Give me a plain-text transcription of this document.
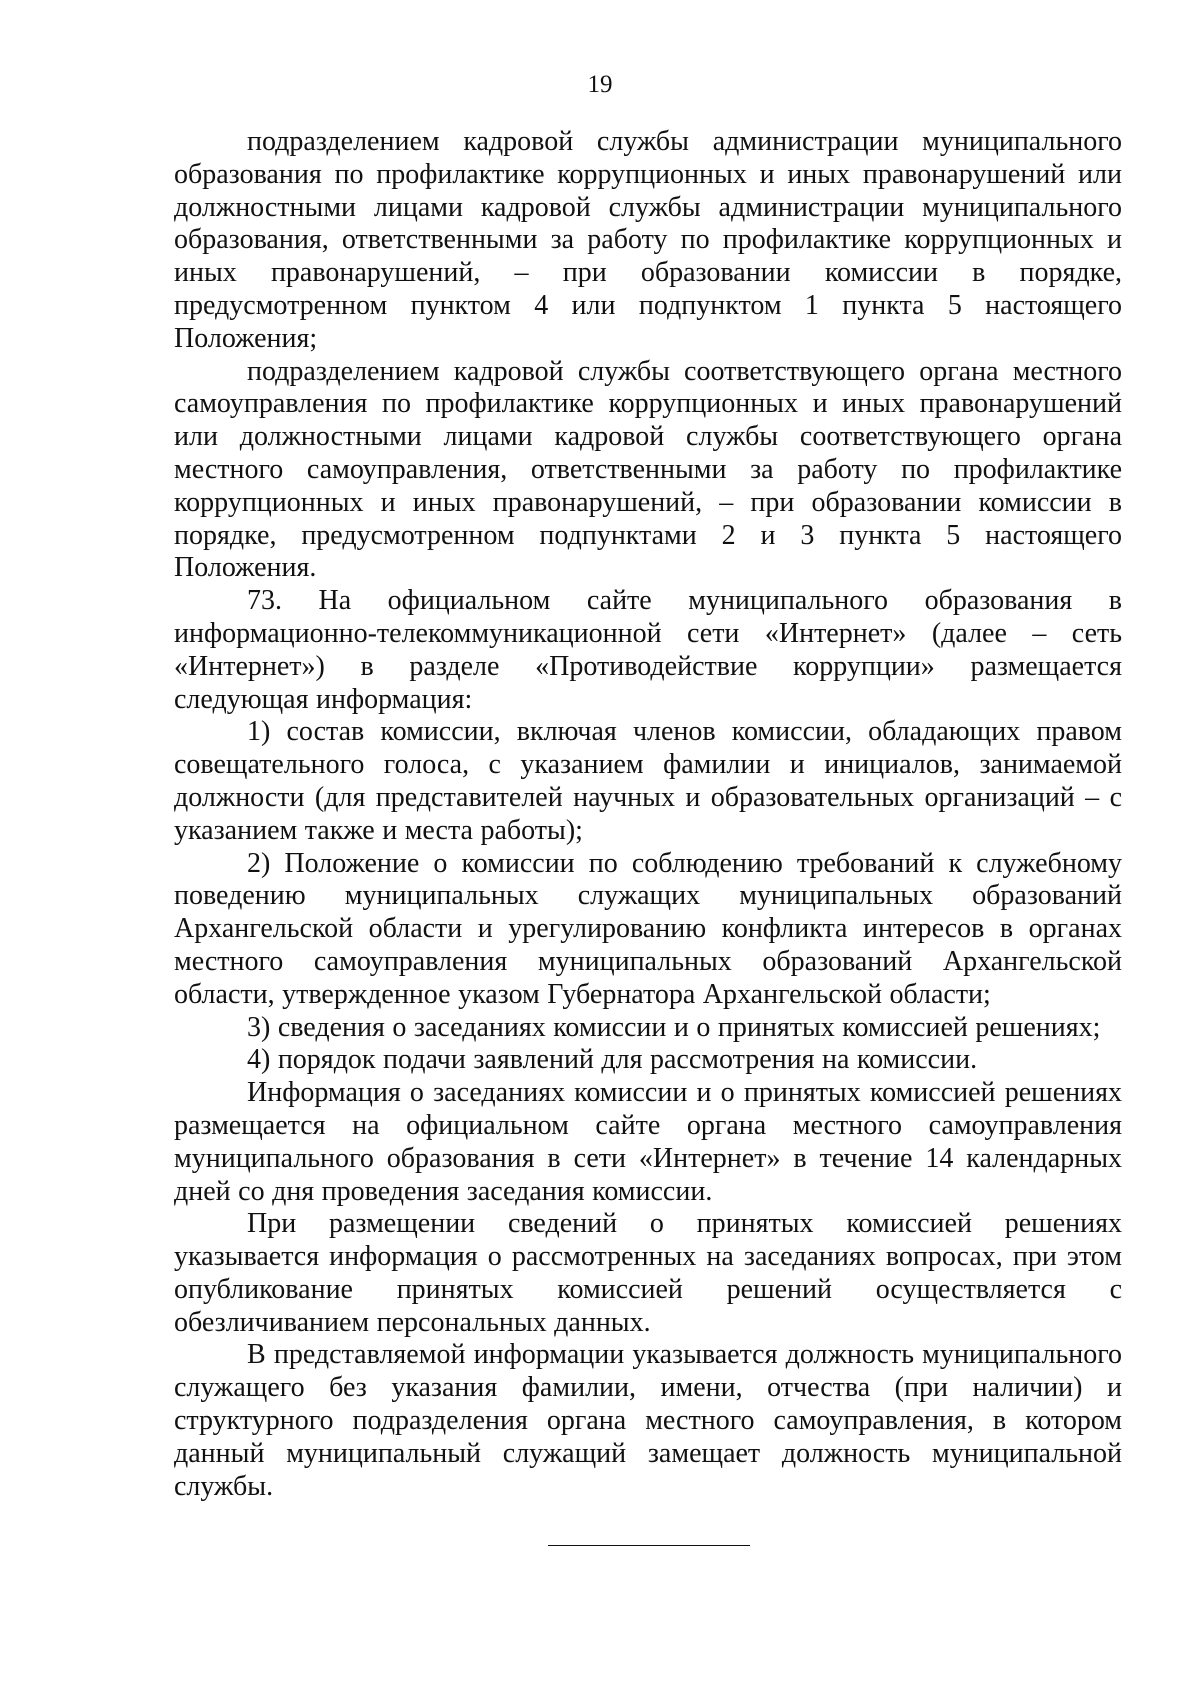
19

подразделением кадровой службы администрации муниципального образования по профилактике коррупционных и иных правонарушений или должностными лицами кадровой службы администрации муниципального образования, ответственными за работу по профилактике коррупционных и иных правонарушений, – при образовании комиссии в порядке, предусмотренном пунктом 4 или подпунктом 1 пункта 5 настоящего Положения;

подразделением кадровой службы соответствующего органа местного самоуправления по профилактике коррупционных и иных правонарушений или должностными лицами кадровой службы соответствующего органа местного самоуправления, ответственными за работу по профилактике коррупционных и иных правонарушений, – при образовании комиссии в порядке, предусмотренном подпунктами 2 и 3 пункта 5 настоящего Положения.

73. На официальном сайте муниципального образования в информационно-телекоммуникационной сети «Интернет» (далее – сеть «Интернет») в разделе «Противодействие коррупции» размещается следующая информация:

1) состав комиссии, включая членов комиссии, обладающих правом совещательного голоса, с указанием фамилии и инициалов, занимаемой должности (для представителей научных и образовательных организаций – с указанием также и места работы);

2) Положение о комиссии по соблюдению требований к служебному поведению муниципальных служащих муниципальных образований Архангельской области и урегулированию конфликта интересов в органах местного самоуправления муниципальных образований Архангельской области, утвержденное указом Губернатора Архангельской области;

3) сведения о заседаниях комиссии и о принятых комиссией решениях;

4) порядок подачи заявлений для рассмотрения на комиссии.

Информация о заседаниях комиссии и о принятых комиссией решениях размещается на официальном сайте органа местного самоуправления муниципального образования в сети «Интернет» в течение 14 календарных дней со дня проведения заседания комиссии.

При размещении сведений о принятых комиссией решениях указывается информация о рассмотренных на заседаниях вопросах, при этом опубликование принятых комиссией решений осуществляется с обезличиванием персональных данных.

В представляемой информации указывается должность муниципального служащего без указания фамилии, имени, отчества (при наличии) и структурного подразделения органа местного самоуправления, в котором данный муниципальный служащий замещает должность муниципальной службы.
